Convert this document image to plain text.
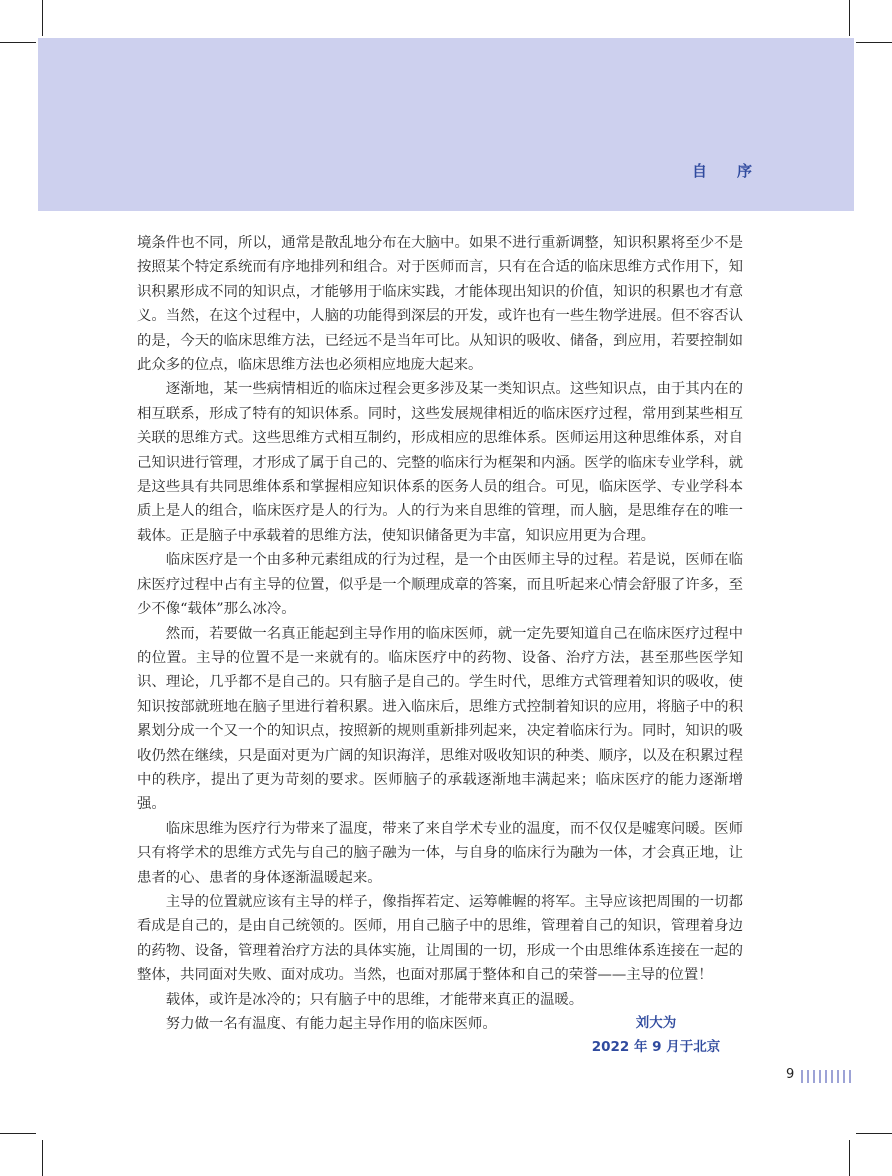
自序

境条件也不同，所以，通常是散乱地分布在大脑中。如果不进行重新调整，知识积累将至少不是按照某个特定系统而有序地排列和组合。对于医师而言，只有在合适的临床思维方式作用下，知识积累形成不同的知识点，才能够用于临床实践，才能体现出知识的价值，知识的积累也才有意义。当然，在这个过程中，人脑的功能得到深层的开发，或许也有一些生物学进展。但不容否认的是，今天的临床思维方法，已经远不是当年可比。从知识的吸收、储备，到应用，若要控制如此众多的位点，临床思维方法也必须相应地庞大起来。

逐渐地，某一些病情相近的临床过程会更多涉及某一类知识点。这些知识点，由于其内在的相互联系，形成了特有的知识体系。同时，这些发展规律相近的临床医疗过程，常用到某些相互关联的思维方式。这些思维方式相互制约，形成相应的思维体系。医师运用这种思维体系，对自己知识进行管理，才形成了属于自己的、完整的临床行为框架和内涵。医学的临床专业学科，就是这些具有共同思维体系和掌握相应知识体系的医务人员的组合。可见，临床医学、专业学科本质上是人的组合，临床医疗是人的行为。人的行为来自思维的管理，而人脑，是思维存在的唯一载体。正是脑子中承载着的思维方法，使知识储备更为丰富，知识应用更为合理。

临床医疗是一个由多种元素组成的行为过程，是一个由医师主导的过程。若是说，医师在临床医疗过程中占有主导的位置，似乎是一个顺理成章的答案，而且听起来心情会舒服了许多，至少不像“载体”那么冰冷。

然而，若要做一名真正能起到主导作用的临床医师，就一定先要知道自己在临床医疗过程中的位置。主导的位置不是一来就有的。临床医疗中的药物、设备、治疗方法，甚至那些医学知识、理论，几乎都不是自己的。只有脑子是自己的。学生时代，思维方式管理着知识的吸收，使知识按部就班地在脑子里进行着积累。进入临床后，思维方式控制着知识的应用，将脑子中的积累划分成一个又一个的知识点，按照新的规则重新排列起来，决定着临床行为。同时，知识的吸收仍然在继续，只是面对更为广阔的知识海洋，思维对吸收知识的种类、顺序，以及在积累过程中的秩序，提出了更为苛刻的要求。医师脑子的承载逐渐地丰满起来；临床医疗的能力逐渐增强。

临床思维为医疗行为带来了温度，带来了来自学术专业的温度，而不仅仅是嘘寒问暖。医师只有将学术的思维方式先与自己的脑子融为一体，与自身的临床行为融为一体，才会真正地，让患者的心、患者的身体逐渐温暖起来。

主导的位置就应该有主导的样子，像指挥若定、运筹帷幄的将军。主导应该把周围的一切都看成是自己的，是由自己统领的。医师，用自己脑子中的思维，管理着自己的知识，管理着身边的药物、设备，管理着治疗方法的具体实施，让周围的一切，形成一个由思维体系连接在一起的整体，共同面对失败、面对成功。当然，也面对那属于整体和自己的荣誉——主导的位置！

载体，或许是冰冷的；只有脑子中的思维，才能带来真正的温暖。

努力做一名有温度、有能力起主导作用的临床医师。	刘大为
2022 年 9 月于北京
9
